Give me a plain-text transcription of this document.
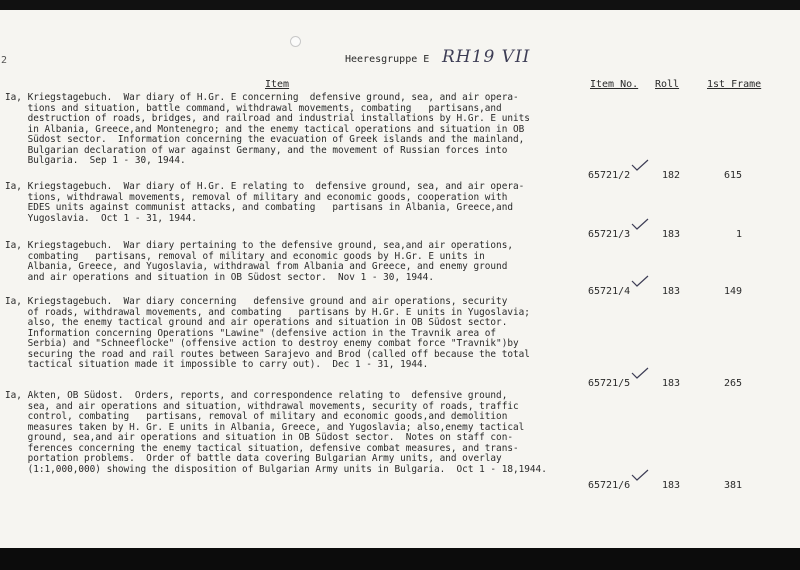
2	Heeresgruppe E RH19 VII
Item	Item No. Roll	1st Frame
Ia, Kriegstagebuch.  War diary of H.Gr. E concerning  defensive ground, sea, and air opera-
tions and situation, battle command, withdrawal movements, combating   partisans,and
destruction of roads, bridges, and railroad and industrial installations by H.Gr. E units
in Albania, Greece,and Montenegro; and the enemy tactical operations and situation in OB
Südost sector.  Information concerning the evacuation of Greek islands and the mainland,
Bulgarian declaration of war against Germany, and the movement of Russian forces into
Bulgaria.  Sep 1 - 30, 1944.
65721/2	182	615
Ia, Kriegstagebuch.  War diary of H.Gr. E relating to  defensive ground, sea, and air opera-
tions, withdrawal movements, removal of military and economic goods, cooperation with
EDES units against communist attacks, and combating   partisans in Albania, Greece,and
Yugoslavia.  Oct 1 - 31, 1944.
65721/3	183	1
Ia, Kriegstagebuch.  War diary pertaining to the defensive ground, sea,and air operations,
combating   partisans, removal of military and economic goods by H.Gr. E units in
Albania, Greece, and Yugoslavia, withdrawal from Albania and Greece, and enemy ground
and air operations and situation in OB Südost sector.  Nov 1 - 30, 1944.
65721/4	183	149
Ia, Kriegstagebuch.  War diary concerning   defensive ground and air operations, security
of roads, withdrawal movements, and combating   partisans by H.Gr. E units in Yugoslavia;
also, the enemy tactical ground and air operations and situation in OB Südost sector.
Information concerning Operations "Lawine" (defensive action in the Travnik area of
Serbia) and "Schneeflocke" (offensive action to destroy enemy combat force "Travnik")by
securing the road and rail routes between Sarajevo and Brod (called off because the total
tactical situation made it impossible to carry out).  Dec 1 - 31, 1944.
65721/5	183	265
Ia, Akten, OB Südost.  Orders, reports, and correspondence relating to  defensive ground,
sea, and air operations and situation, withdrawal movements, security of roads, traffic
control, combating   partisans, removal of military and economic goods,and demolition
measures taken by H. Gr. E units in Albania, Greece, and Yugoslavia; also,enemy tactical
ground, sea,and air operations and situation in OB Südost sector.  Notes on staff con-
ferences concerning the enemy tactical situation, defensive combat measures, and trans-
portation problems.  Order of battle data covering Bulgarian Army units, and overlay
(1:1,000,000) showing the disposition of Bulgarian Army units in Bulgaria.  Oct 1 - 18,1944.
65721/6	183	381
